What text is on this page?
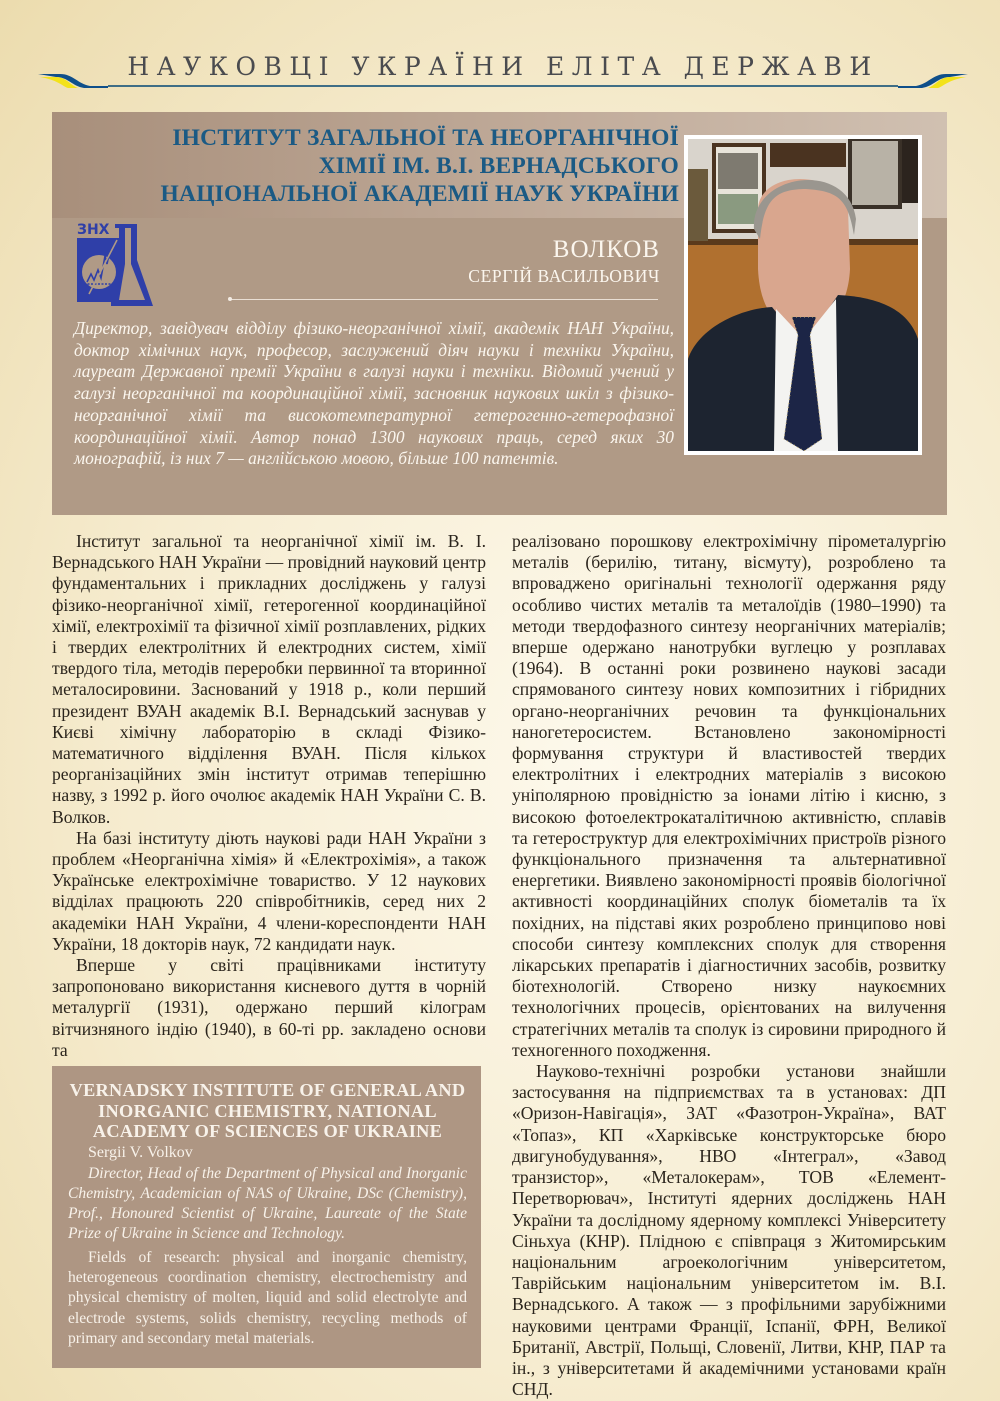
НАУКОВЦІ УКРАЇНИ ЕЛІТА ДЕРЖАВИ
ІНСТИТУТ ЗАГАЛЬНОЇ ТА НЕОРГАНІЧНОЇ ХІМІЇ ІМ. В.І. ВЕРНАДСЬКОГО НАЦІОНАЛЬНОЇ АКАДЕМІЇ НАУК УКРАЇНИ
ЗНХ
ВОЛКОВ
СЕРГІЙ ВАСИЛЬОВИЧ
Директор, завідувач відділу фізико-неорганічної хімії, академік НАН України, доктор хімічних наук, професор, заслужений діяч науки і техніки України, лауреат Державної премії України в галузі науки і техніки. Відомий учений у галузі неорганічної та координаційної хімії, засновник наукових шкіл з фізико-неорганічної хімії та високотемпературної гетерогенно-гетерофазної координаційної хімії. Автор понад 1300 наукових праць, серед яких 30 монографій, із них 7 — англійською мовою, більше 100 патентів.

Інститут загальної та неорганічної хімії ім. В. І. Вернадського НАН України — провідний науковий центр фундаментальних і прикладних досліджень у галузі фізико-неорганічної хімії, гетерогенної координаційної хімії, електрохімії та фізичної хімії розплавлених, рідких і твердих електролітних й електродних систем, хімії твердого тіла, методів переробки первинної та вторинної металосировини. Заснований у 1918 р., коли перший президент ВУАН академік В.І. Вернадський заснував у Києві хімічну лабораторію в складі Фізико-математичного відділення ВУАН. Після кількох реорганізаційних змін інститут отримав теперішню назву, з 1992 р. його очолює академік НАН України С. В. Волков.

На базі інституту діють наукові ради НАН України з проблем «Неорганічна хімія» й «Електрохімія», а також Українське електрохімічне товариство. У 12 наукових відділах працюють 220 співробітників, серед них 2 академіки НАН України, 4 члени-кореспонденти НАН України, 18 докторів наук, 72 кандидати наук.

Вперше у світі працівниками інституту запропоновано використання кисневого дуття в чорній металургії (1931), одержано перший кілограм вітчизняного індію (1940), в 60-ті рр. закладено основи та

VERNADSKY INSTITUTE OF GENERAL AND INORGANIC CHEMISTRY, NATIONAL ACADEMY OF SCIENCES OF UKRAINE
Sergii V. Volkov
Director, Head of the Department of Physical and Inorganic Chemistry, Academician of NAS of Ukraine, DSc (Chemistry), Prof., Honoured Scientist of Ukraine, Laureate of the State Prize of Ukraine in Science and Technology.
Fields of research: physical and inorganic chemistry, heterogeneous coordination chemistry, electrochemistry and physical chemistry of molten, liquid and solid electrolyte and electrode systems, solids chemistry, recycling methods of primary and secondary metal materials.

реалізовано порошкову електрохімічну пірометалургію металів (берилію, титану, вісмуту), розроблено та впроваджено оригінальні технології одержання ряду особливо чистих металів та металоїдів (1980–1990) та методи твердофазного синтезу неорганічних матеріалів; вперше одержано нанотрубки вуглецю у розплавах (1964). В останні роки розвинено наукові засади спрямованого синтезу нових композитних і гібридних органо-неорганічних речовин та функціональних наногетеросистем. Встановлено закономірності формування структури й властивостей твердих електролітних і електродних матеріалів з високою уніполярною провідністю за іонами літію і кисню, з високою фотоелектрокаталітичною активністю, сплавів та гетероструктур для електрохімічних пристроїв різного функціонального призначення та альтернативної енергетики. Виявлено закономірності проявів біологічної активності координаційних сполук біометалів та їх похідних, на підставі яких розроблено принципово нові способи синтезу комплексних сполук для створення лікарських препаратів і діагностичних засобів, розвитку біотехнологій. Створено низку наукоємних технологічних процесів, орієнтованих на вилучення стратегічних металів та сполук із сировини природного й техногенного походження.

Науково-технічні розробки установи знайшли застосування на підприємствах та в установах: ДП «Оризон-Навігація», ЗАТ «Фазотрон-Україна», ВАТ «Топаз», КП «Харківське конструкторське бюро двигунобудування», НВО «Інтеграл», «Завод транзистор», «Металокерам», ТОВ «Елемент-Перетворювач», Інституті ядерних досліджень НАН України та дослідному ядерному комплексі Університету Сіньхуа (КНР). Плідною є співпраця з Житомирським національним агроекологічним університетом, Таврійським національним університетом ім. В.І. Вернадського. А також — з профільними зарубіжними науковими центрами Франції, Іспанії, ФРН, Великої Британії, Австрії, Польщі, Словенії, Литви, КНР, ПАР та ін., з університетами й академічними установами країн СНД.
